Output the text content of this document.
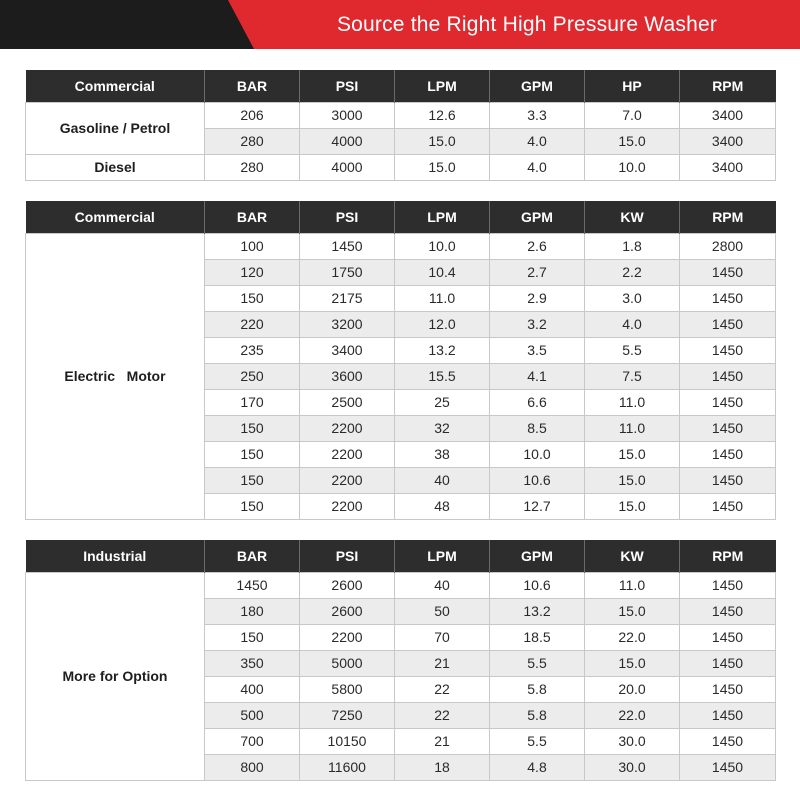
Source the Right High Pressure Washer
Commercial	BAR	PSI	LPM	GPM	HP	RPM
Gasoline / Petrol	206	3000	12.6	3.3	7.0	3400
	280	4000	15.0	4.0	15.0	3400
Diesel	280	4000	15.0	4.0	10.0	3400
Commercial	BAR	PSI	LPM	GPM	KW	RPM
Electric   Motor	100	1450	10.0	2.6	1.8	2800
	120	1750	10.4	2.7	2.2	1450
	150	2175	11.0	2.9	3.0	1450
	220	3200	12.0	3.2	4.0	1450
	235	3400	13.2	3.5	5.5	1450
	250	3600	15.5	4.1	7.5	1450
	170	2500	25	6.6	11.0	1450
	150	2200	32	8.5	11.0	1450
	150	2200	38	10.0	15.0	1450
	150	2200	40	10.6	15.0	1450
	150	2200	48	12.7	15.0	1450
Industrial	BAR	PSI	LPM	GPM	KW	RPM
More for Option	1450	2600	40	10.6	11.0	1450
	180	2600	50	13.2	15.0	1450
	150	2200	70	18.5	22.0	1450
	350	5000	21	5.5	15.0	1450
	400	5800	22	5.8	20.0	1450
	500	7250	22	5.8	22.0	1450
	700	10150	21	5.5	30.0	1450
	800	11600	18	4.8	30.0	1450
